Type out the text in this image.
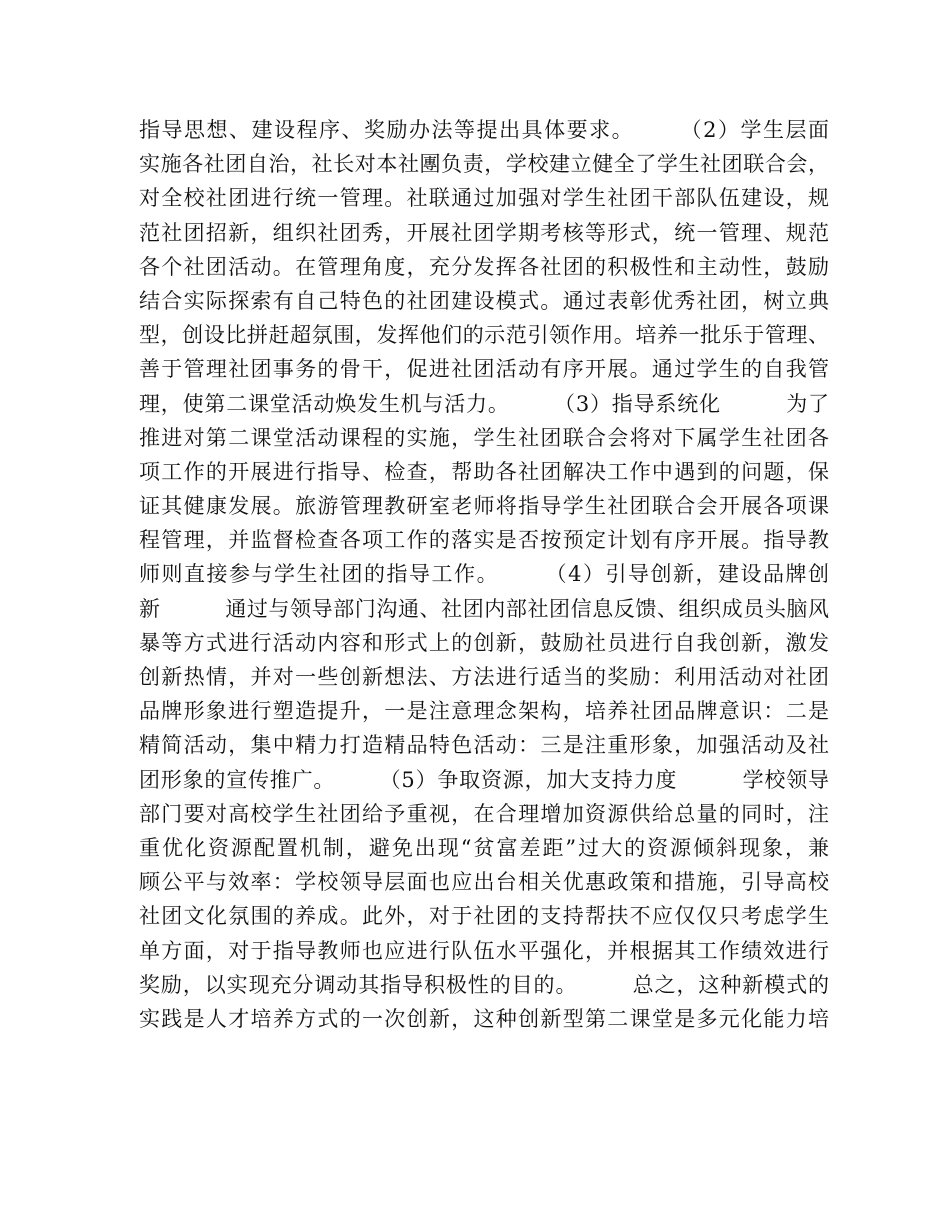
指导思想、建设程序、奖励办法等提出具体要求。　　　（2）学生层面
实施各社团自治，社长对本社團负责，学校建立健全了学生社团联合会，
对全校社团进行统一管理。社联通过加强对学生社团干部队伍建设，规
范社团招新，组织社团秀，开展社团学期考核等形式，统一管理、规范
各个社团活动。在管理角度，充分发挥各社团的积极性和主动性，鼓励
结合实际探索有自己特色的社团建设模式。通过表彰优秀社团，树立典
型，创设比拼赶超氛围，发挥他们的示范引领作用。培养一批乐于管理、
善于管理社团事务的骨干，促进社团活动有序开展。通过学生的自我管
理，使第二课堂活动焕发生机与活力。　　　（3）指导系统化　　　为了
推进对第二课堂活动课程的实施，学生社团联合会将对下属学生社团各
项工作的开展进行指导、检查，帮助各社团解决工作中遇到的问题，保
证其健康发展。旅游管理教研室老师将指导学生社团联合会开展各项课
程管理，并监督检查各项工作的落实是否按预定计划有序开展。指导教
师则直接参与学生社团的指导工作。　　　（4）引导创新，建设品牌创
新　　　通过与领导部门沟通、社团内部社团信息反馈、组织成员头脑风
暴等方式进行活动内容和形式上的创新，鼓励社员进行自我创新，激发
创新热情，并对一些创新想法、方法进行适当的奖励：利用活动对社团
品牌形象进行塑造提升，一是注意理念架构，培养社团品牌意识：二是
精简活动，集中精力打造精品特色活动：三是注重形象，加强活动及社
团形象的宣传推广。　　　（5）争取资源，加大支持力度　　　学校领导
部门要对高校学生社团给予重视，在合理增加资源供给总量的同时，注
重优化资源配置机制，避免出现“贫富差距”过大的资源倾斜现象，兼
顾公平与效率：学校领导层面也应出台相关优惠政策和措施，引导高校
社团文化氛围的养成。此外，对于社团的支持帮扶不应仅仅只考虑学生
单方面，对于指导教师也应进行队伍水平强化，并根据其工作绩效进行
奖励，以实现充分调动其指导积极性的目的。　　　总之，这种新模式的
实践是人才培养方式的一次创新，这种创新型第二课堂是多元化能力培
